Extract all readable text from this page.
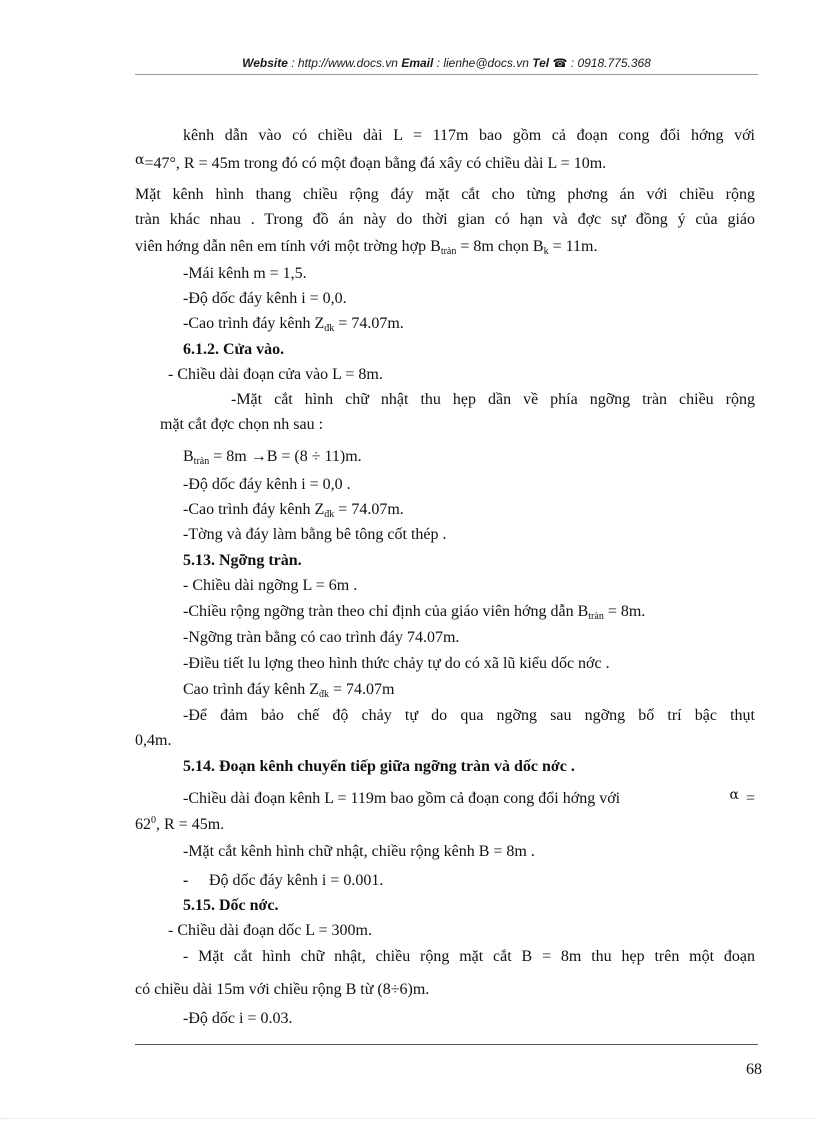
Website : http://www.docs.vn Email : lienhe@docs.vn Tel ☎ : 0918.775.368
kênh dẫn vào có chiều dài L = 117m bao gồm cả đoạn cong đổi hớng với
α=47°, R = 45m trong đó có một đoạn bằng đá xây có chiều dài L = 10m.
Mặt kênh hình thang chiều rộng đáy mặt cắt cho từng phơng án với chiều rộng
tràn khác nhau . Trong đồ án này do thời gian có hạn và đợc sự đồng ý của giáo
viên hớng dẫn nên em tính với một trờng hợp Btràn = 8m chọn Bk = 11m.
-Mái kênh m = 1,5.
-Độ dốc đáy kênh i = 0,0.
-Cao trình đáy kênh Zđk = 74.07m.
6.1.2. Cửa vào.
- Chiều dài đoạn cửa vào L = 8m.
-Mặt cắt hình chữ nhật thu hẹp dần về phía ngỡng tràn chiều rộng
mặt cắt đợc chọn nh sau :
Btràn = 8m →B = (8 ÷ 11)m.
-Độ dốc đáy kênh i = 0,0 .
-Cao trình đáy kênh Zđk = 74.07m.
-Tờng và đáy làm bằng bê tông cốt thép .
5.13. Ngỡng tràn.
- Chiều dài ngỡng L = 6m .
-Chiều rộng ngỡng tràn theo chỉ định của giáo viên hớng dẫn Btràn = 8m.
-Ngỡng tràn bằng có cao trình đáy 74.07m.
-Điều tiết lu lợng theo hình thức chảy tự do có xã lũ kiểu dốc nớc .
Cao trình đáy kênh Zđk = 74.07m
-Để đảm bảo chế độ chảy tự do qua ngỡng sau ngỡng bố trí bậc thụt
0,4m.
5.14. Đoạn kênh chuyển tiếp giữa ngỡng tràn và dốc nớc .
-Chiều dài đoạn kênh L = 119m bao gồm cả đoạn cong đổi hớng với	α =
$62^0$, R = 45m.
-Mặt cắt kênh hình chữ nhật, chiều rộng kênh B = 8m .
- Độ dốc đáy kênh i = 0.001.
5.15. Dốc nớc.
- Chiều dài đoạn dốc L = 300m.
- Mặt cắt hình chữ nhật, chiều rộng mặt cắt B = 8m thu hẹp trên một đoạn
có chiều dài 15m với chiều rộng B từ (8÷6)m.
-Độ dốc i = 0.03.
68
